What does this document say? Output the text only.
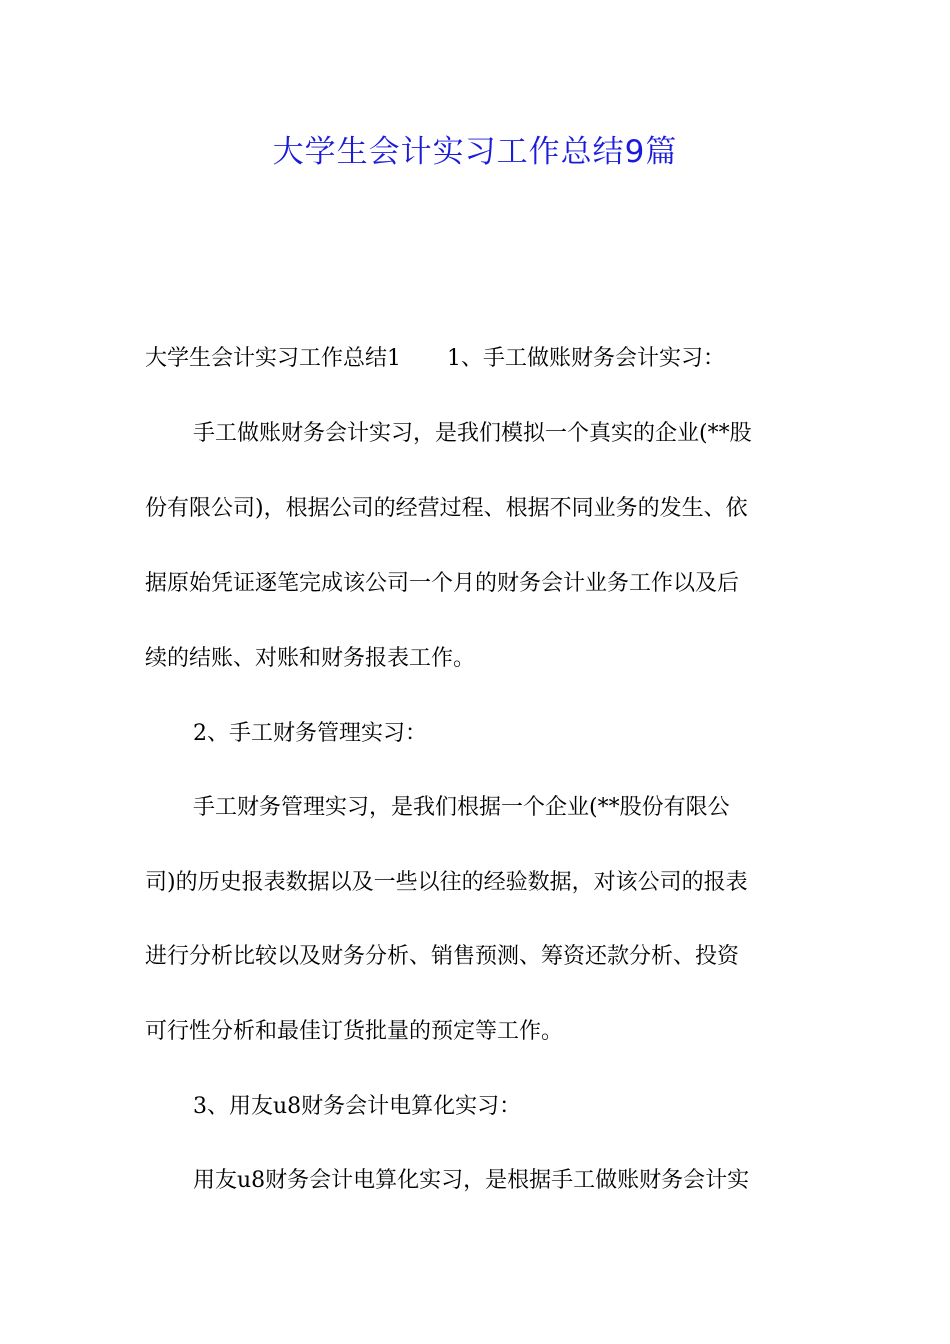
大学生会计实习工作总结9篇

大学生会计实习工作总结1 1、手工做账财务会计实习：

手工做账财务会计实习，是我们模拟一个真实的企业(**股

份有限公司)，根据公司的经营过程、根据不同业务的发生、依

据原始凭证逐笔完成该公司一个月的财务会计业务工作以及后

续的结账、对账和财务报表工作。

2、手工财务管理实习：

手工财务管理实习，是我们根据一个企业(**股份有限公

司)的历史报表数据以及一些以往的经验数据，对该公司的报表

进行分析比较以及财务分析、销售预测、筹资还款分析、投资

可行性分析和最佳订货批量的预定等工作。

3、用友u8财务会计电算化实习：

用友u8财务会计电算化实习，是根据手工做账财务会计实
